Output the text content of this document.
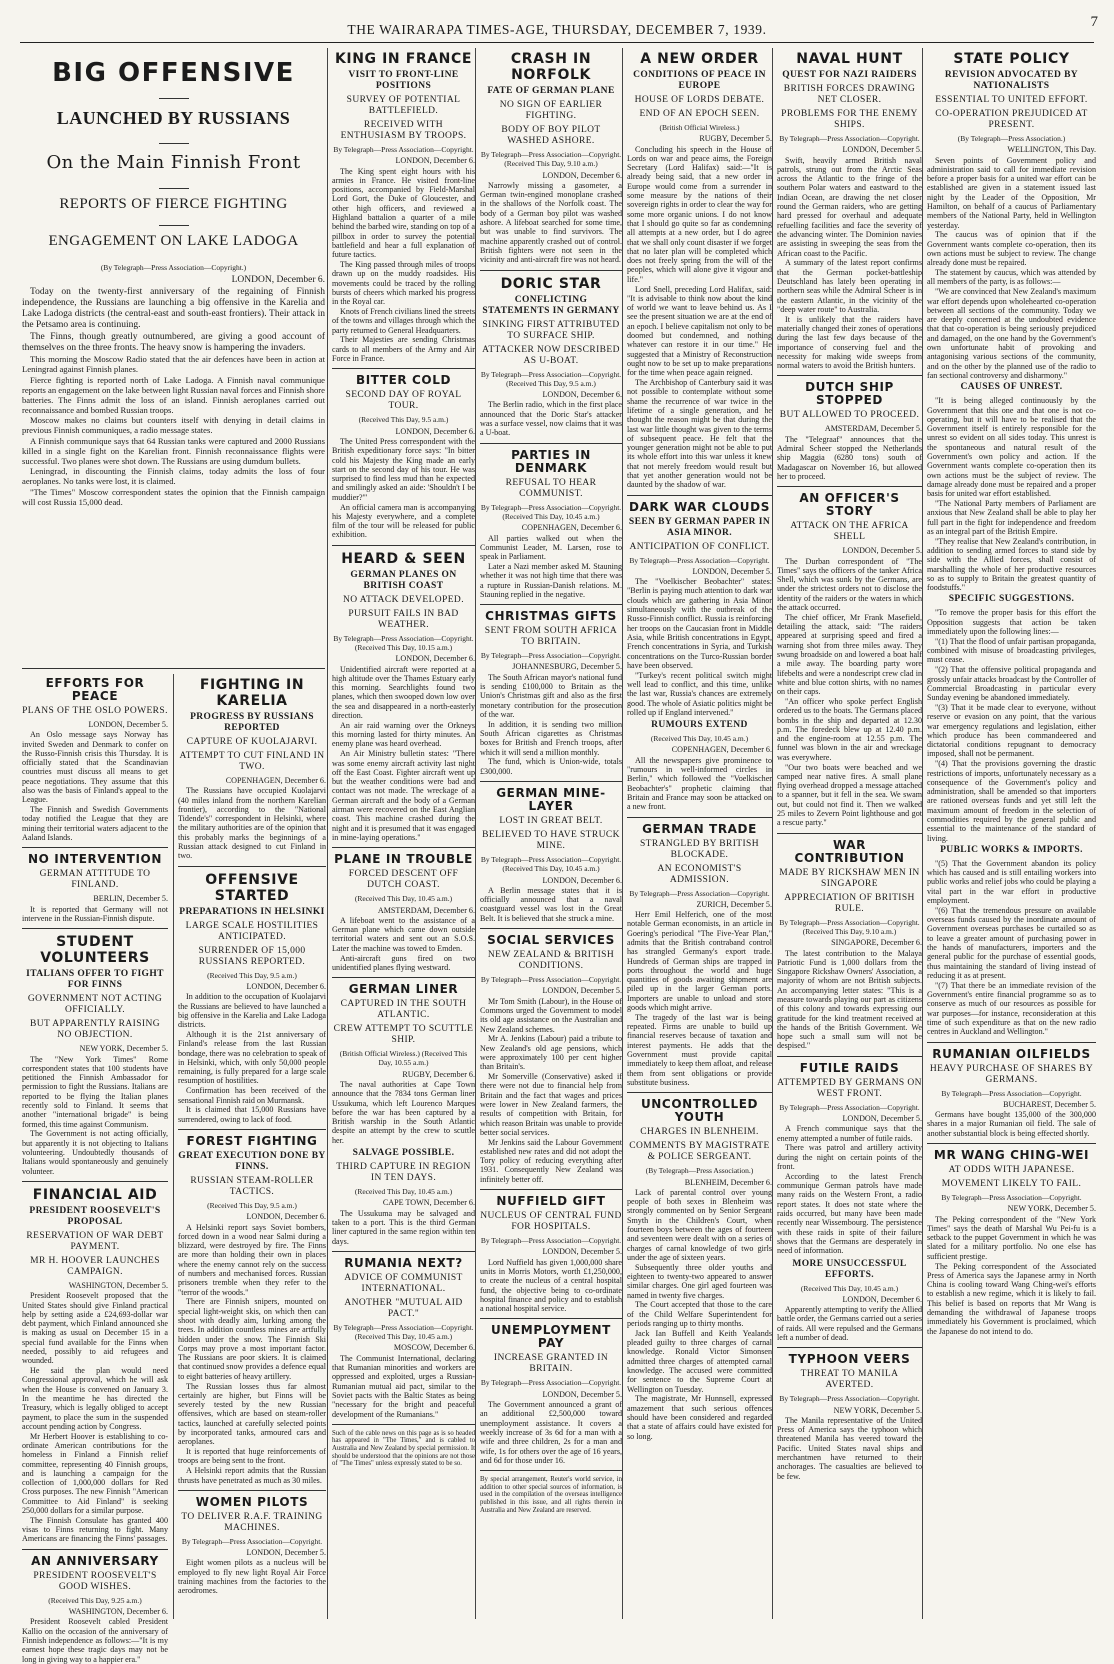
THE WAIRARAPA TIMES-AGE, THURSDAY, DECEMBER 7, 1939.	7
BIG OFFENSIVE
LAUNCHED BY RUSSIANS
On the Main Finnish Front
REPORTS OF FIERCE FIGHTING
ENGAGEMENT ON LAKE LADOGA

(By Telegraph—Press Association—Copyright.)

LONDON, December 6.

Today on the twenty-first anniversary of the regaining of Finnish independence, the Russians are launching a big offensive in the Karelia and Lake Ladoga districts (the central-east and south-east frontiers). Their attack in the Petsamo area is continuing.

The Finns, though greatly outnumbered, are giving a good account of themselves on the three fronts. The heavy snow is hampering the invaders.

This morning the Moscow Radio stated that the air defences have been in action at Leningrad against Finnish planes.

Fierce fighting is reported north of Lake Ladoga. A Finnish naval communique reports an engagement on the lake between light Russian naval forces and Finnish shore batteries. The Finns admit the loss of an island. Finnish aeroplanes carried out reconnaissance and bombed Russian troops.

Moscow makes no claims but counters itself with denying in detail claims in previous Finnish communiques, a radio message states.

A Finnish communique says that 64 Russian tanks were captured and 2000 Russians killed in a single fight on the Karelian front. Finnish reconnaissance flights were successful. Two planes were shot down. The Russians are using dumdum bullets.

Leningrad, in discounting the Finnish claims, today admits the loss of four aeroplanes. No tanks were lost, it is claimed.

"The Times" Moscow correspondent states the opinion that the Finnish campaign will cost Russia 15,000 dead.

EFFORTS FOR PEACE
PLANS OF THE OSLO POWERS.

LONDON, December 5.

An Oslo message says Norway has invited Sweden and Denmark to confer on the Russo-Finnish crisis this Thursday. It is officially stated that the Scandinavian countries must discuss all means to get peace negotiations. They assume that this also was the basis of Finland's appeal to the League.

The Finnish and Swedish Governments today notified the League that they are mining their territorial waters adjacent to the Aaland Islands.

NO INTERVENTION
GERMAN ATTITUDE TO FINLAND.

BERLIN, December 5.

It is reported that Germany will not intervene in the Russian-Finnish dispute.

STUDENT VOLUNTEERS
ITALIANS OFFER TO FIGHT FOR FINNS
GOVERNMENT NOT ACTING OFFICIALLY.
BUT APPARENTLY RAISING NO OBJECTION.

NEW YORK, December 5.

The "New York Times" Rome correspondent states that 100 students have petitioned the Finnish Ambassador for permission to fight the Russians. Italians are reported to be flying the Italian planes recently sold to Finland. It seems that another "international brigade" is being formed, this time against Communism.

The Government is not acting officially, but apparently it is not objecting to Italians volunteering. Undoubtedly thousands of Italians would spontaneously and genuinely volunteer.

FINANCIAL AID
PRESIDENT ROOSEVELT'S PROPOSAL
RESERVATION OF WAR DEBT PAYMENT.
MR H. HOOVER LAUNCHES CAMPAIGN.

WASHINGTON, December 5.

President Roosevelt proposed that the United States should give Finland practical help by setting aside a £24,693-dollar war debt payment, which Finland announced she is making as usual on December 15 in a special fund available for the Finns when needed, possibly to aid refugees and wounded.

He said the plan would need Congressional approval, which he will ask when the House is convened on January 3. In the meantime he has directed the Treasury, which is legally obliged to accept payment, to place the sum in the suspended account pending action by Congress.

Mr Herbert Hoover is establishing to co-ordinate American contributions for the homeless in Finland a Finnish relief committee, representing 40 Finnish groups, and is launching a campaign for the collection of 1,000,000 dollars for Red Cross purposes. The new Finnish "American Committee to Aid Finland" is seeking 250,000 dollars for a similar purpose.

The Finnish Consulate has granted 400 visas to Finns returning to fight. Many Americans are financing the Finns' passages.

AN ANNIVERSARY
PRESIDENT ROOSEVELT'S GOOD WISHES.

(Received This Day, 9.25 a.m.)

WASHINGTON, December 6.

President Roosevelt cabled President Kallio on the occasion of the anniversary of Finnish independence as follows:—"It is my earnest hope these tragic days may not be long in giving way to a happier era."

FIGHTING IN KARELIA
PROGRESS BY RUSSIANS REPORTED
CAPTURE OF KUOLAJARVI.
ATTEMPT TO CUT FINLAND IN TWO.

COPENHAGEN, December 6.

The Russians have occupied Kuolajarvi (40 miles inland from the northern Karelian frontier), according to the "National Tidende's" correspondent in Helsinki, where the military authorities are of the opinion that this probably marks the beginnings of a Russian attack designed to cut Finland in two.

OFFENSIVE STARTED
PREPARATIONS IN HELSINKI
LARGE SCALE HOSTILITIES ANTICIPATED.
SURRENDER OF 15,000 RUSSIANS REPORTED.

(Received This Day, 9.5 a.m.)

LONDON, December 6.

In addition to the occupation of Kuolajarvi the Russians are believed to have launched a big offensive in the Karelia and Lake Ladoga districts.

Although it is the 21st anniversary of Finland's release from the last Russian bondage, there was no celebration to speak of in Helsinki, which, with only 50,000 people remaining, is fully prepared for a large scale resumption of hostilities.

Confirmation has been received of the sensational Finnish raid on Murmansk.

It is claimed that 15,000 Russians have surrendered, owing to lack of food.

FOREST FIGHTING
GREAT EXECUTION DONE BY FINNS.
RUSSIAN STEAM-ROLLER TACTICS.

(Received This Day, 9.5 a.m.)

LONDON, December 6.

A Helsinki report says Soviet bombers, forced down in a wood near Salmi during a blizzard, were destroyed by fire. The Finns are more than holding their own in places where the enemy cannot rely on the success of numbers and mechanised forces. Russian prisoners tremble when they refer to the "terror of the woods."

There are Finnish snipers, mounted on special light-weight skis, on which then can shoot with deadly aim, lurking among the trees. In addition countless mines are artfully hidden under the snow. The Finnish Ski Corps may prove a most important factor. The Russians are poor skiers. It is claimed that continued snow provides a defence equal to eight batteries of heavy artillery.

The Russian losses thus far almost certainly are higher, but Finns will be severely tested by the new Russian offensives, which are based on steam-roller tactics, launched at carefully selected points by incorporated tanks, armoured cars and aeroplanes.

It is reported that huge reinforcements of troops are being sent to the front.

A Helsinki report admits that the Russian thrusts have penetrated as much as 30 miles.

WOMEN PILOTS
TO DELIVER R.A.F. TRAINING MACHINES.

By Telegraph—Press Association—Copyright.

LONDON, December 5.

Eight women pilots as a nucleus will be employed to fly new light Royal Air Force training machines from the factories to the aerodromes.

KING IN FRANCE
VISIT TO FRONT-LINE POSITIONS
SURVEY OF POTENTIAL BATTLEFIELD.
RECEIVED WITH ENTHUSIASM BY TROOPS.

By Telegraph—Press Association—Copyright.

LONDON, December 6.

The King spent eight hours with his armies in France. He visited front-line positions, accompanied by Field-Marshal Lord Gort, the Duke of Gloucester, and other high officers, and reviewed a Highland battalion a quarter of a mile behind the barbed wire, standing on top of a pillbox in order to survey the potential battlefield and hear a full explanation of future tactics.

The King passed through miles of troops drawn up on the muddy roadsides. His movements could be traced by the rolling bursts of cheers which marked his progress in the Royal car.

Knots of French civilians lined the streets of the towns and villages through which the party returned to General Headquarters.

Their Majesties are sending Christmas cards to all members of the Army and Air Force in France.

BITTER COLD
SECOND DAY OF ROYAL TOUR.

(Received This Day, 9.5 a.m.)

LONDON, December 6.

The United Press correspondent with the British expeditionary force says: "In bitter cold his Majesty the King made an early start on the second day of his tour. He was surprised to find less mud than he expected and smilingly asked an aide: 'Shouldn't I be muddier?'"

An official camera man is accompanying his Majesty everywhere, and a complete film of the tour will be released for public exhibition.

HEARD & SEEN
GERMAN PLANES ON BRITISH COAST
NO ATTACK DEVELOPED.
PURSUIT FAILS IN BAD WEATHER.

By Telegraph—Press Association—Copyright. (Received This Day, 10.15 a.m.)

LONDON, December 6.

Unidentified aircraft were reported at a high altitude over the Thames Estuary early this morning. Searchlights found two planes, which then swooped down low over the sea and disappeared in a north-easterly direction.

An air raid warning over the Orkneys this morning lasted for thirty minutes. An enemy plane was heard overhead.

An Air Ministry bulletin states: "There was some enemy aircraft activity last night off the East Coast. Fighter aircraft went up but the weather conditions were bad and contact was not made. The wreckage of a German aircraft and the body of a German airman were recovered on the East Anglian coast. This machine crashed during the night and it is presumed that it was engaged in mine-laying operations."

PLANE IN TROUBLE
FORCED DESCENT OFF DUTCH COAST.

(Received This Day, 10.45 a.m.)

AMSTERDAM, December 6.

A lifeboat went to the assistance of a German plane which came down outside territorial waters and sent out an S.O.S. Later the machine was towed to Emden.

Anti-aircraft guns fired on two unidentified planes flying westward.

GERMAN LINER
CAPTURED IN THE SOUTH ATLANTIC.
CREW ATTEMPT TO SCUTTLE SHIP.

(British Official Wireless.) (Received This Day, 10.55 a.m.)

RUGBY, December 6.

The naval authorities at Cape Town announce that the 7834 tons German liner Ussukuma, which left Lourenco Marques before the war has been captured by a British warship in the South Atlantic despite an attempt by the crew to scuttle her.

SALVAGE POSSIBLE.
THIRD CAPTURE IN REGION IN TEN DAYS.

(Received This Day, 10.45 a.m.)

CAPE TOWN, December 6.

The Ussukuma may be salvaged and taken to a port. This is the third German liner captured in the same region within ten days.

RUMANIA NEXT?
ADVICE OF COMMUNIST INTERNATIONAL.
ANOTHER "MUTUAL AID PACT."

By Telegraph—Press Association—Copyright. (Received This Day, 10.45 a.m.)

MOSCOW, December 6.

The Communist International, declaring that Rumanian minorities and workers are oppressed and exploited, urges a Russian-Rumanian mutual aid pact, similar to the Soviet pacts with the Baltic States as being "necessary for the bright and peaceful development of the Rumanians."

Such of the cable news on this page as is so headed has appeared in "The Times," and is cabled to Australia and New Zealand by special permission. It should be understood that the opinions are not those of "The Times" unless expressly stated to be so.

CRASH IN NORFOLK
FATE OF GERMAN PLANE
NO SIGN OF EARLIER FIGHTING.
BODY OF BOY PILOT WASHED ASHORE.

By Telegraph—Press Association—Copyright. (Received This Day, 9.10 a.m.)

LONDON, December 6.

Narrowly missing a gasometer, a German twin-engined monoplane crashed in the shallows of the Norfolk coast. The body of a German boy pilot was washed ashore. A lifeboat searched for some time, but was unable to find survivors. The machine apparently crashed out of control. British fighters were not seen in the vicinity and anti-aircraft fire was not heard.

DORIC STAR
CONFLICTING STATEMENTS IN GERMANY
SINKING FIRST ATTRIBUTED TO SURFACE SHIP.
ATTACKER NOW DESCRIBED AS U-BOAT.

By Telegraph—Press Association—Copyright. (Received This Day, 9.5 a.m.)

LONDON, December 6.

The Berlin radio, which in the first place announced that the Doric Star's attacker was a surface vessel, now claims that it was a U-boat.

PARTIES IN DENMARK
REFUSAL TO HEAR COMMUNIST.

By Telegraph—Press Association—Copyright. (Received This Day, 10.45 a.m.)

COPENHAGEN, December 6.

All parties walked out when the Communist Leader, M. Larsen, rose to speak in Parliament.

Later a Nazi member asked M. Stauning whether it was not high time that there was a rupture in Russian-Danish relations. M. Stauning replied in the negative.

CHRISTMAS GIFTS
SENT FROM SOUTH AFRICA TO BRITAIN.

By Telegraph—Press Association—Copyright.

JOHANNESBURG, December 5.

The South African mayor's national fund is sending £100,000 to Britain as the Union's Christmas gift and also as the first monetary contribution for the prosecution of the war.

In addition, it is sending two million South African cigarettes as Christmas boxes for British and French troops, after which it will send a million monthly.

The fund, which is Union-wide, totals £300,000.

GERMAN MINE-LAYER
LOST IN GREAT BELT.
BELIEVED TO HAVE STRUCK MINE.

By Telegraph—Press Association—Copyright. (Received This Day, 10.45 a.m.)

LONDON, December 6.

A Berlin message states that it is officially announced that a naval coastguard vessel was lost in the Great Belt. It is believed that she struck a mine.

SOCIAL SERVICES
NEW ZEALAND & BRITISH CONDITIONS.

By Telegraph—Press Association—Copyright.

LONDON, December 5.

Mr Tom Smith (Labour), in the House of Commons urged the Government to model its old age assistance on the Australian and New Zealand schemes.

Mr A. Jenkins (Labour) paid a tribute to New Zealand's old age pensions, which were approximately 100 per cent higher than Britain's.

Mr Somerville (Conservative) asked if there were not due to financial help from Britain and the fact that wages and prices were lower in New Zealand farmers, the results of competition with Britain, for which reason Britain was unable to provide better social services.

Mr Jenkins said the Labour Government established new rates and did not adopt the Tory policy of reducing everything after 1931. Consequently New Zealand was infinitely better off.

NUFFIELD GIFT
NUCLEUS OF CENTRAL FUND FOR HOSPITALS.

By Telegraph—Press Association—Copyright.

LONDON, December 5.

Lord Nuffield has given 1,000,000 share units in Morris Motors, worth £1,250,000, to create the nucleus of a central hospital fund, the objective being to co-ordinate hospital finance and policy and to establish a national hospital service.

UNEMPLOYMENT PAY
INCREASE GRANTED IN BRITAIN.

By Telegraph—Press Association—Copyright.

LONDON, December 5.

The Government announced a grant of an additional £2,500,000 toward unemployment assistance. It covers a weekly increase of 3s 6d for a man with a wife and three children, 2s for a man and wife, 1s for others over the age of 16 years, and 6d for those under 16.

By special arrangement, Reuter's world service, in addition to other special sources of information, is used in the compilation of the overseas intelligence published in this issue, and all rights therein in Australia and New Zealand are reserved.

A NEW ORDER
CONDITIONS OF PEACE IN EUROPE
HOUSE OF LORDS DEBATE.
END OF AN EPOCH SEEN.

(British Official Wireless.)

RUGBY, December 5.

Concluding his speech in the House of Lords on war and peace aims, the Foreign Secretary (Lord Halifax) said:—"It is already being said, that a new order in Europe would come from a surrender in some measure by the nations of their sovereign rights in order to clear the way for some more organic unions. I do not know that I should go quite so far as condemning all attempts at a new order, but I do agree that we shall only count disaster if we forget that no later plan will be completed which does not freely spring from the will of the peoples, which will alone give it vigour and life."

Lord Snell, preceding Lord Halifax, said: "It is advisable to think now about the kind of world we want to leave behind us. As I see the present situation we are at the end of an epoch. I believe capitalism not only to be doomed but condemned, and nothing whatever can restore it in our time." He suggested that a Ministry of Reconstruction ought now to be set up to make preparations for the time when peace again reigned.

The Archbishop of Canterbury said it was not possible to contemplate without some shame the recurrence of war twice in the lifetime of a single generation, and he thought the reason might be that during the last war little thought was given to the terms of subsequent peace. He felt that the younger generation might not be able to put its whole effort into this war unless it knew that not merely freedom would result but that yet another generation would not be daunted by the shadow of war.

DARK WAR CLOUDS
SEEN BY GERMAN PAPER IN ASIA MINOR.
ANTICIPATION OF CONFLICT.

By Telegraph—Press Association—Copyright.

LONDON, December 5.

The "Voelkischer Beobachter" states: "Berlin is paying much attention to dark war clouds which are gathering in Asia Minor simultaneously with the outbreak of the Russo-Finnish conflict. Russia is reinforcing her troops on the Caucasian front in Middle Asia, while British concentrations in Egypt, French concentrations in Syria, and Turkish concentrations on the Turco-Russian border have been observed.

"Turkey's recent political switch might well lead to conflict, and this time, unlike the last war, Russia's chances are extremely good. The whole of Asiatic politics might be rolled up if England intervened."

RUMOURS EXTEND

(Received This Day, 10.45 a.m.)

COPENHAGEN, December 6.

All the newspapers give prominence to "rumours in well-informed circles in Berlin," which followed the "Voelkischer Beobachter's" prophetic claiming that Britain and France may soon be attacked on a new front.

GERMAN TRADE
STRANGLED BY BRITISH BLOCKADE.
AN ECONOMIST'S ADMISSION.

By Telegraph—Press Association—Copyright.

ZURICH, December 5.

Herr Emil Helferich, one of the most notable German economists, in an article in Goering's periodical "The Five-Year Plan," admits that the British contraband control has strangled Germany's export trade. Hundreds of German ships are trapped in ports throughout the world and huge quantities of goods awaiting shipment are piled up in the larger German ports. Importers are unable to unload and store goods which might arrive.

The tragedy of the last war is being repeated. Firms are unable to build up financial reserves because of taxation and interest payments. He adds that the Government must provide capital immediately to keep them afloat, and release them from sent obligations or provide substitute business.

UNCONTROLLED YOUTH
CHARGES IN BLENHEIM.
COMMENTS BY MAGISTRATE & POLICE SERGEANT.

(By Telegraph—Press Association.)

BLENHEIM, December 6.

Lack of parental control over young people of both sexes in Blenheim was strongly commented on by Senior Sergeant Smyth in the Children's Court, when fourteen boys between the ages of fourteen and seventeen were dealt with on a series of charges of carnal knowledge of two girls under the age of sixteen years.

Subsequently three older youths and eighteen to twenty-two appeared to answer similar charges. One girl aged fourteen was named in twenty five charges.

The Court accepted that those to the care of the Child Welfare Superintendent for periods ranging up to thirty months.

Jack Ian Buffell and Keith Yealands pleaded guilty to three charges of carnal knowledge. Ronald Victor Simonsen admitted three charges of attempted carnal knowledge. The accused were committed for sentence to the Supreme Court at Wellington on Tuesday.

The magistrate, Mr Hunnsell, expressed amazement that such serious offences should have been considered and regarded that a state of affairs could have existed for so long.

NAVAL HUNT
QUEST FOR NAZI RAIDERS
BRITISH FORCES DRAWING NET CLOSER.
PROBLEMS FOR THE ENEMY SHIPS.

By Telegraph—Press Association—Copyright.

LONDON, December 5.

Swift, heavily armed British naval patrols, strung out from the Arctic Seas across the Atlantic to the fringe of the southern Polar waters and eastward to the Indian Ocean, are drawing the net closer round the German raiders, who are getting hard pressed for overhaul and adequate refuelling facilities and face the severity of the advancing winter. The Dominion navies are assisting in sweeping the seas from the African coast to the Pacific.

A summary of the latest report confirms that the German pocket-battleship Deutschland has lately been operating in northern seas while the Admiral Scheer is in the eastern Atlantic, in the vicinity of the "deep water route" to Australia.

It is unlikely that the raiders have materially changed their zones of operations during the last few days because of the importance of conserving fuel and the necessity for making wide sweeps from normal waters to avoid the British hunters.

DUTCH SHIP STOPPED
BUT ALLOWED TO PROCEED.

AMSTERDAM, December 5.

The "Telegraaf" announces that the Admiral Scheer stopped the Netherlands ship Maggia (6280 tons) south of Madagascar on November 16, but allowed her to proceed.

AN OFFICER'S STORY
ATTACK ON THE AFRICA SHELL

LONDON, December 5.

The Durban correspondent of "The Times" says the officers of the tanker Africa Shell, which was sunk by the Germans, are under the strictest orders not to disclose the identity of the raiders or the waters in which the attack occurred.

The chief officer, Mr Frank Masefield, detailing the attack, said: "The raiders appeared at surprising speed and fired a warning shot from three miles away. They swung broadside on and lowered a boat half a mile away. The boarding party wore lifebelts and were a nondescript crew clad in white and blue cotton shirts, with no names on their caps.

"An officer who spoke perfect English ordered us to the boats. The Germans placed bombs in the ship and departed at 12.30 p.m. The foredeck blew up at 12.40 p.m. and the engine-room at 12.55 p.m. The funnel was blown in the air and wreckage was everywhere.

"Our two boats were beached and we camped near native fires. A small plane flying overhead dropped a message attached to a spanner, but it fell in the sea. We swam out, but could not find it. Then we walked 25 miles to Zevern Point lighthouse and got a rescue party."

WAR CONTRIBUTION
MADE BY RICKSHAW MEN IN SINGAPORE
APPRECIATION OF BRITISH RULE.

By Telegraph—Press Association—Copyright. (Received This Day, 9.10 a.m.)

SINGAPORE, December 6.

The latest contribution to the Malaya Patriotic Fund is 1,000 dollars from the Singapore Rickshaw Owners' Association, a majority of whom are not British subjects. An accompanying letter states: "This is a measure towards playing our part as citizens of this colony and towards expressing our gratitude for the kind treatment received at the hands of the British Government. We hope such a small sum will not be despised."

FUTILE RAIDS
ATTEMPTED BY GERMANS ON WEST FRONT.

By Telegraph—Press Association—Copyright.

LONDON, December 5.

A French communique says that the enemy attempted a number of futile raids.

There was patrol and artillery activity during the night on certain points of the front.

According to the latest French communique German patrols have made many raids on the Western Front, a radio report states. It does not state where the raids occurred, but many have been made recently near Wissembourg. The persistence with these raids in spite of their failure shows that the Germans are desperately in need of information.

MORE UNSUCCESSFUL EFFORTS.

(Received This Day, 10.45 a.m.)

LONDON, December 6.

Apparently attempting to verify the Allied battle order, the Germans carried out a series of raids. All were repulsed and the Germans left a number of dead.

TYPHOON VEERS
THREAT TO MANILA AVERTED.

By Telegraph—Press Association—Copyright.

NEW YORK, December 5.

The Manila representative of the United Press of America says the typhoon which threatened Manila has veered toward the Pacific. United States naval ships and merchantmen have returned to their anchorages. The casualties are believed to be few.

STATE POLICY
REVISION ADVOCATED BY NATIONALISTS
ESSENTIAL TO UNITED EFFORT.
CO-OPERATION PREJUDICED AT PRESENT.

(By Telegraph—Press Association.)

WELLINGTON, This Day.

Seven points of Government policy and administration said to call for immediate revision before a proper basis for a united war effort can be established are given in a statement issued last night by the Leader of the Opposition, Mr Hamilton, on behalf of a caucus of Parliamentary members of the National Party, held in Wellington yesterday.

The caucus was of opinion that if the Government wants complete co-operation, then its own actions must be subject to review. The change already done must be repaired.

The statement by caucus, which was attended by all members of the party, is as follows:—

"We are convinced that New Zealand's maximum war effort depends upon wholehearted co-operation between all sections of the community. Today we are deeply concerned at the undoubted evidence that that co-operation is being seriously prejudiced and damaged, on the one hand by the Government's own unfortunate habit of provoking and antagonising various sections of the community, and on the other by the planned use of the radio to fan sectional controversy and disharmony."

CAUSES OF UNREST.

"It is being alleged continuously by the Government that this one and that one is not co-operating, but it will have to be realised that the Government itself is entirely responsible for the unrest so evident on all sides today. This unrest is the spontaneous and natural result of the Government's own policy and action. If the Government wants complete co-operation then its own actions must be the subject of review. The damage already done must be repaired and a proper basis for united war effort established.

"The National Party members of Parliament are anxious that New Zealand shall be able to play her full part in the fight for independence and freedom as an integral part of the British Empire.

"They realise that New Zealand's contribution, in addition to sending armed forces to stand side by side with the Allied forces, shall consist of marshalling the whole of her productive resources so as to supply to Britain the greatest quantity of foodstuffs."

SPECIFIC SUGGESTIONS.

"To remove the proper basis for this effort the Opposition suggests that action be taken immediately upon the following lines:—

"(1) That the flood of unfair partisan propaganda, combined with misuse of broadcasting privileges, must cease.

"(2) That the offensive political propaganda and grossly unfair attacks broadcast by the Controller of Commercial Broadcasting in particular every Sunday evening be abandoned immediately.

"(3) That it be made clear to everyone, without reserve or evasion on any point, that the various war emergency regulations and legislation, either which produce has been commandeered and dictatorial conditions repugnant to democracy imposed, shall not be permanent.

"(4) That the provisions governing the drastic restrictions of imports, unfortunately necessary as a consequence of the Government's policy and administration, shall be amended so that importers are rationed overseas funds and yet still left the maximum amount of freedom in the selection of commodities required by the general public and essential to the maintenance of the standard of living.

PUBLIC WORKS & IMPORTS.

"(5) That the Government abandon its policy which has caused and is still entailing workers into public works and relief jobs who could be playing a vital part in the war effort in productive employment.

"(6) That the tremendous pressure on available overseas funds caused by the inordinate amount of Government overseas purchases be curtailed so as to leave a greater amount of purchasing power in the hands of manufacturers, importers and the general public for the purchase of essential goods, thus maintaining the standard of living instead of reducing it as at present.

"(7) That there be an immediate revision of the Government's entire financial programme so as to conserve as much of our resources as possible for war purposes—for instance, reconsideration at this time of such expenditure as that on the new radio centres in Auckland and Wellington."

RUMANIAN OILFIELDS
HEAVY PURCHASE OF SHARES BY GERMANS.

By Telegraph—Press Association—Copyright.

BUCHAREST, December 5.

Germans have bought 135,000 of the 300,000 shares in a major Rumanian oil field. The sale of another substantial block is being effected shortly.

MR WANG CHING-WEI
AT ODDS WITH JAPANESE.
MOVEMENT LIKELY TO FAIL.

By Telegraph—Press Association—Copyright.

NEW YORK, December 5.

The Peking correspondent of the "New York Times" says the death of Marshal Wu Pei-fu is a setback to the puppet Government in which he was slated for a military portfolio. No one else has sufficient prestige.

The Peking correspondent of the Associated Press of America says the Japanese army in North China is cooling toward Wang Ching-wei's efforts to establish a new regime, which it is likely to fail. This belief is based on reports that Mr Wang is demanding the withdrawal of Japanese troops immediately his Government is proclaimed, which the Japanese do not intend to do.
